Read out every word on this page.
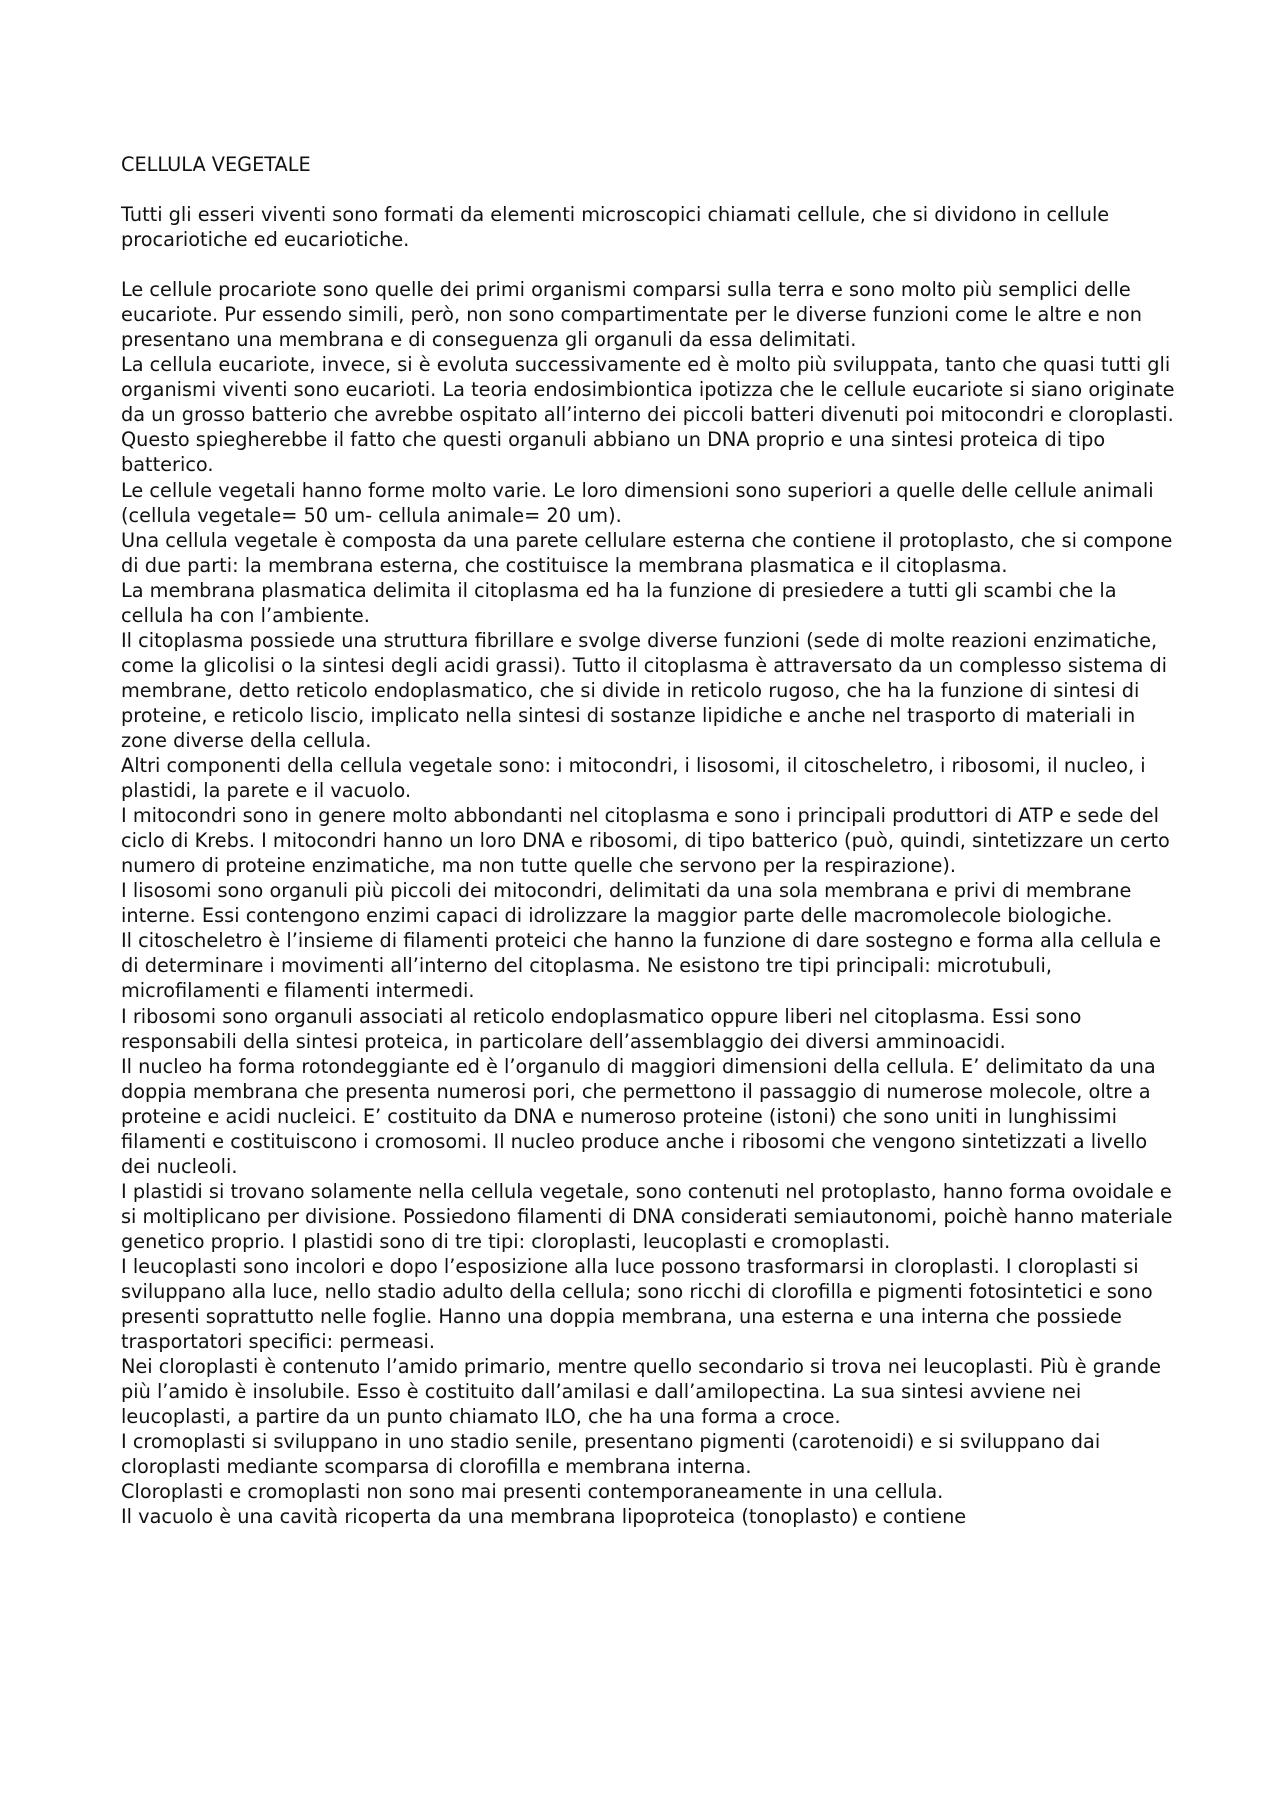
CELLULA VEGETALE

Tutti gli esseri viventi sono formati da elementi microscopici chiamati cellule, che si dividono in cellule procariotiche ed eucariotiche.

Le cellule procariote sono quelle dei primi organismi comparsi sulla terra e sono molto più semplici delle eucariote. Pur essendo simili, però, non sono compartimentate per le diverse funzioni come le altre e non presentano una membrana e di conseguenza gli organuli da essa delimitati.

La cellula eucariote, invece, si è evoluta successivamente ed è molto più sviluppata, tanto che quasi tutti gli organismi viventi sono eucarioti. La teoria endosimbiontica ipotizza che le cellule eucariote si siano originate da un grosso batterio che avrebbe ospitato all’interno dei piccoli batteri divenuti poi mitocondri e cloroplasti. Questo spiegherebbe il fatto che questi organuli abbiano un DNA proprio e una sintesi proteica di tipo batterico.

Le cellule vegetali hanno forme molto varie. Le loro dimensioni sono superiori a quelle delle cellule animali (cellula vegetale= 50 um- cellula animale= 20 um).

Una cellula vegetale è composta da una parete cellulare esterna che contiene il protoplasto, che si compone di due parti: la membrana esterna, che costituisce la membrana plasmatica e il citoplasma.

La membrana plasmatica delimita il citoplasma ed ha la funzione di presiedere a tutti gli scambi che la cellula ha con l’ambiente.

Il citoplasma possiede una struttura fibrillare e svolge diverse funzioni (sede di molte reazioni enzimatiche, come la glicolisi o la sintesi degli acidi grassi). Tutto il citoplasma è attraversato da un complesso sistema di membrane, detto reticolo endoplasmatico, che si divide in reticolo rugoso, che ha la funzione di sintesi di proteine, e reticolo liscio, implicato nella sintesi di sostanze lipidiche e anche nel trasporto di materiali in zone diverse della cellula.

Altri componenti della cellula vegetale sono: i mitocondri, i lisosomi, il citoscheletro, i ribosomi, il nucleo, i plastidi, la parete e il vacuolo.

I mitocondri sono in genere molto abbondanti nel citoplasma e sono i principali produttori di ATP e sede del ciclo di Krebs. I mitocondri hanno un loro DNA e ribosomi, di tipo batterico (può, quindi, sintetizzare un certo numero di proteine enzimatiche, ma non tutte quelle che servono per la respirazione).

I lisosomi sono organuli più piccoli dei mitocondri, delimitati da una sola membrana e privi di membrane interne. Essi contengono enzimi capaci di idrolizzare la maggior parte delle macromolecole biologiche.

Il citoscheletro è l’insieme di filamenti proteici che hanno la funzione di dare sostegno e forma alla cellula e di determinare i movimenti all’interno del citoplasma. Ne esistono tre tipi principali: microtubuli, microfilamenti e filamenti intermedi.

I ribosomi sono organuli associati al reticolo endoplasmatico oppure liberi nel citoplasma. Essi sono responsabili della sintesi proteica, in particolare dell’assemblaggio dei diversi amminoacidi.

Il nucleo ha forma rotondeggiante ed è l’organulo di maggiori dimensioni della cellula. E’ delimitato da una doppia membrana che presenta numerosi pori, che permettono il passaggio di numerose molecole, oltre a proteine e acidi nucleici. E’ costituito da DNA e numeroso proteine (istoni) che sono uniti in lunghissimi filamenti e costituiscono i cromosomi. Il nucleo produce anche i ribosomi che vengono sintetizzati a livello dei nucleoli.

I plastidi si trovano solamente nella cellula vegetale, sono contenuti nel protoplasto, hanno forma ovoidale e si moltiplicano per divisione. Possiedono filamenti di DNA considerati semiautonomi, poichè hanno materiale genetico proprio. I plastidi sono di tre tipi: cloroplasti, leucoplasti e cromoplasti.

I leucoplasti sono incolori e dopo l’esposizione alla luce possono trasformarsi in cloroplasti. I cloroplasti si sviluppano alla luce, nello stadio adulto della cellula; sono ricchi di clorofilla e pigmenti fotosintetici e sono presenti soprattutto nelle foglie. Hanno una doppia membrana, una esterna e una interna che possiede trasportatori specifici: permeasi.

Nei cloroplasti è contenuto l’amido primario, mentre quello secondario si trova nei leucoplasti. Più è grande più l’amido è insolubile. Esso è costituito dall’amilasi e dall’amilopectina. La sua sintesi avviene nei leucoplasti, a partire da un punto chiamato ILO, che ha una forma a croce.

I cromoplasti si sviluppano in uno stadio senile, presentano pigmenti (carotenoidi) e si sviluppano dai cloroplasti mediante scomparsa di clorofilla e membrana interna.

Cloroplasti e cromoplasti non sono mai presenti contemporaneamente in una cellula.

Il vacuolo è una cavità ricoperta da una membrana lipoproteica (tonoplasto) e contiene
